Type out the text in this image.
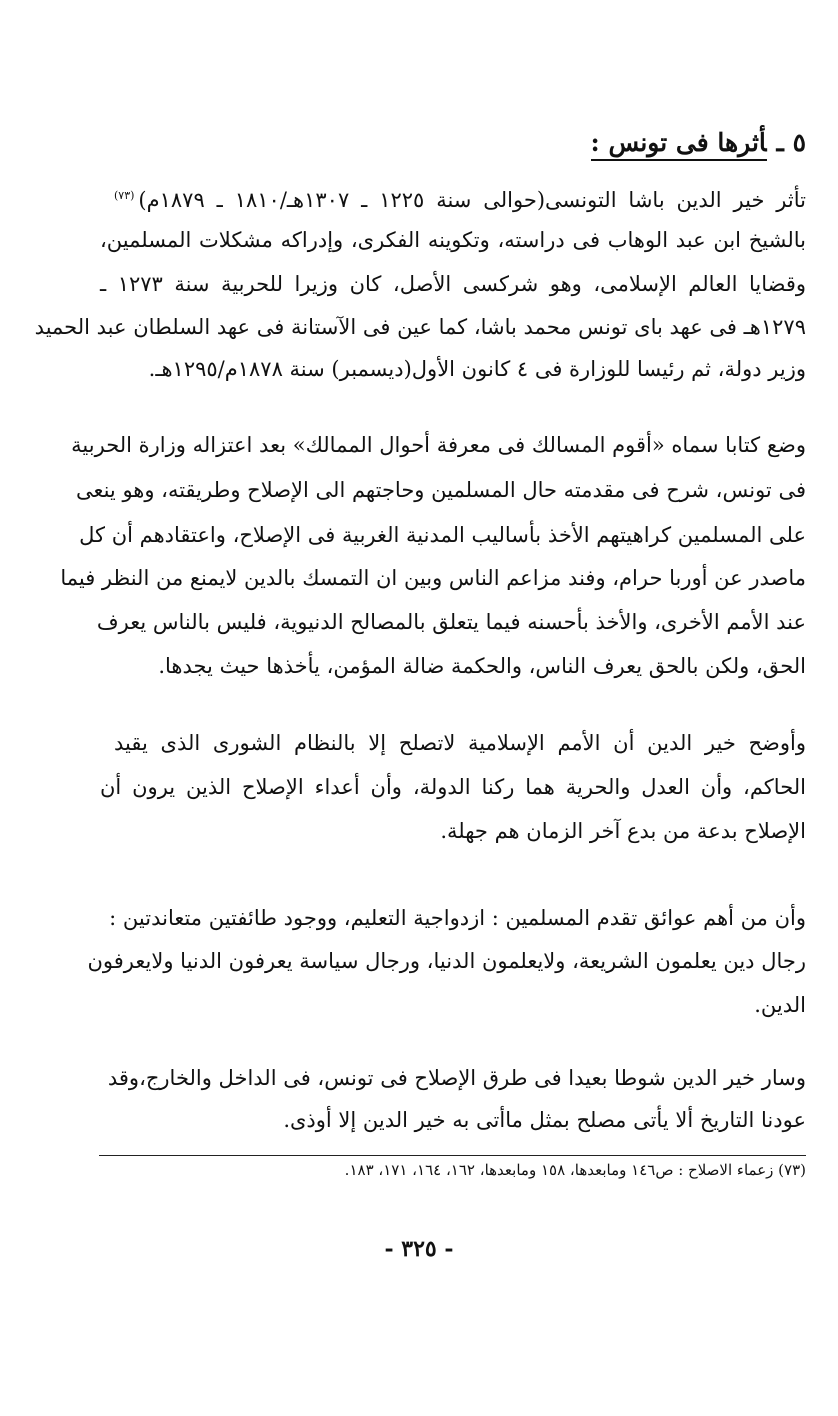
٥ ـأثرها فى تونس :
تأثر خير الدين باشا التونسى(حوالى سنة ١٢٢٥ ـ ١٣٠٧هـ/١٨١٠ ـ ١٨٧٩م)$^{(٧٣)}$
بالشيخ ابن عبد الوهاب فى دراسته، وتكوينه الفكرى، وإدراكه مشكلات المسلمين،
وقضايا العالم الإسلامى، وهو شركسى الأصل، كان وزيرا للحربية سنة ١٢٧٣ ـ
١٢٧٩هـ فى عهد باى تونس محمد باشا، كما عين فى الآستانة فى عهد السلطان عبد الحميد
وزير دولة، ثم رئيسا للوزارة فى ٤ كانون الأول(ديسمبر) سنة ١٨٧٨م/١٢٩٥هـ.
وضع كتابا سماه «أقوم المسالك فى معرفة أحوال الممالك» بعد اعتزاله وزارة الحربية
فى تونس، شرح فى مقدمته حال المسلمين وحاجتهم الى الإصلاح وطريقته، وهو ينعى
على المسلمين كراهيتهم الأخذ بأساليب المدنية الغربية فى الإصلاح، واعتقادهم أن كل
ماصدر عن أوربا حرام، وفند مزاعم الناس وبين ان التمسك بالدين لايمنع من النظر فيما
عند الأمم الأخرى، والأخذ بأحسنه فيما يتعلق بالمصالح الدنيوية، فليس بالناس يعرف
الحق، ولكن بالحق يعرف الناس، والحكمة ضالة المؤمن، يأخذها حيث يجدها.
وأوضح خير الدين أن الأمم الإسلامية لاتصلح إلا بالنظام الشورى الذى يقيد
الحاكم، وأن العدل والحرية هما ركنا الدولة، وأن أعداء الإصلاح الذين يرون أن
الإصلاح بدعة من بدع آخر الزمان هم جهلة.
وأن من أهم عوائق تقدم المسلمين : ازدواجية التعليم، ووجود طائفتين متعاندتين :
رجال دين يعلمون الشريعة، ولايعلمون الدنيا، ورجال سياسة يعرفون الدنيا ولايعرفون
الدين.
وسار خير الدين شوطا بعيدا فى طرق الإصلاح فى تونس، فى الداخل والخارج،وقد
عودنا التاريخ ألا يأتى مصلح بمثل ماأتى به خير الدين إلا أوذى.
(٧٣) زعماء الاصلاح : ص١٤٦ ومابعدها، ١٥٨ ومابعدها، ١٦٢، ١٦٤، ١٧١، ١٨٣.
- ٣٢٥ -
